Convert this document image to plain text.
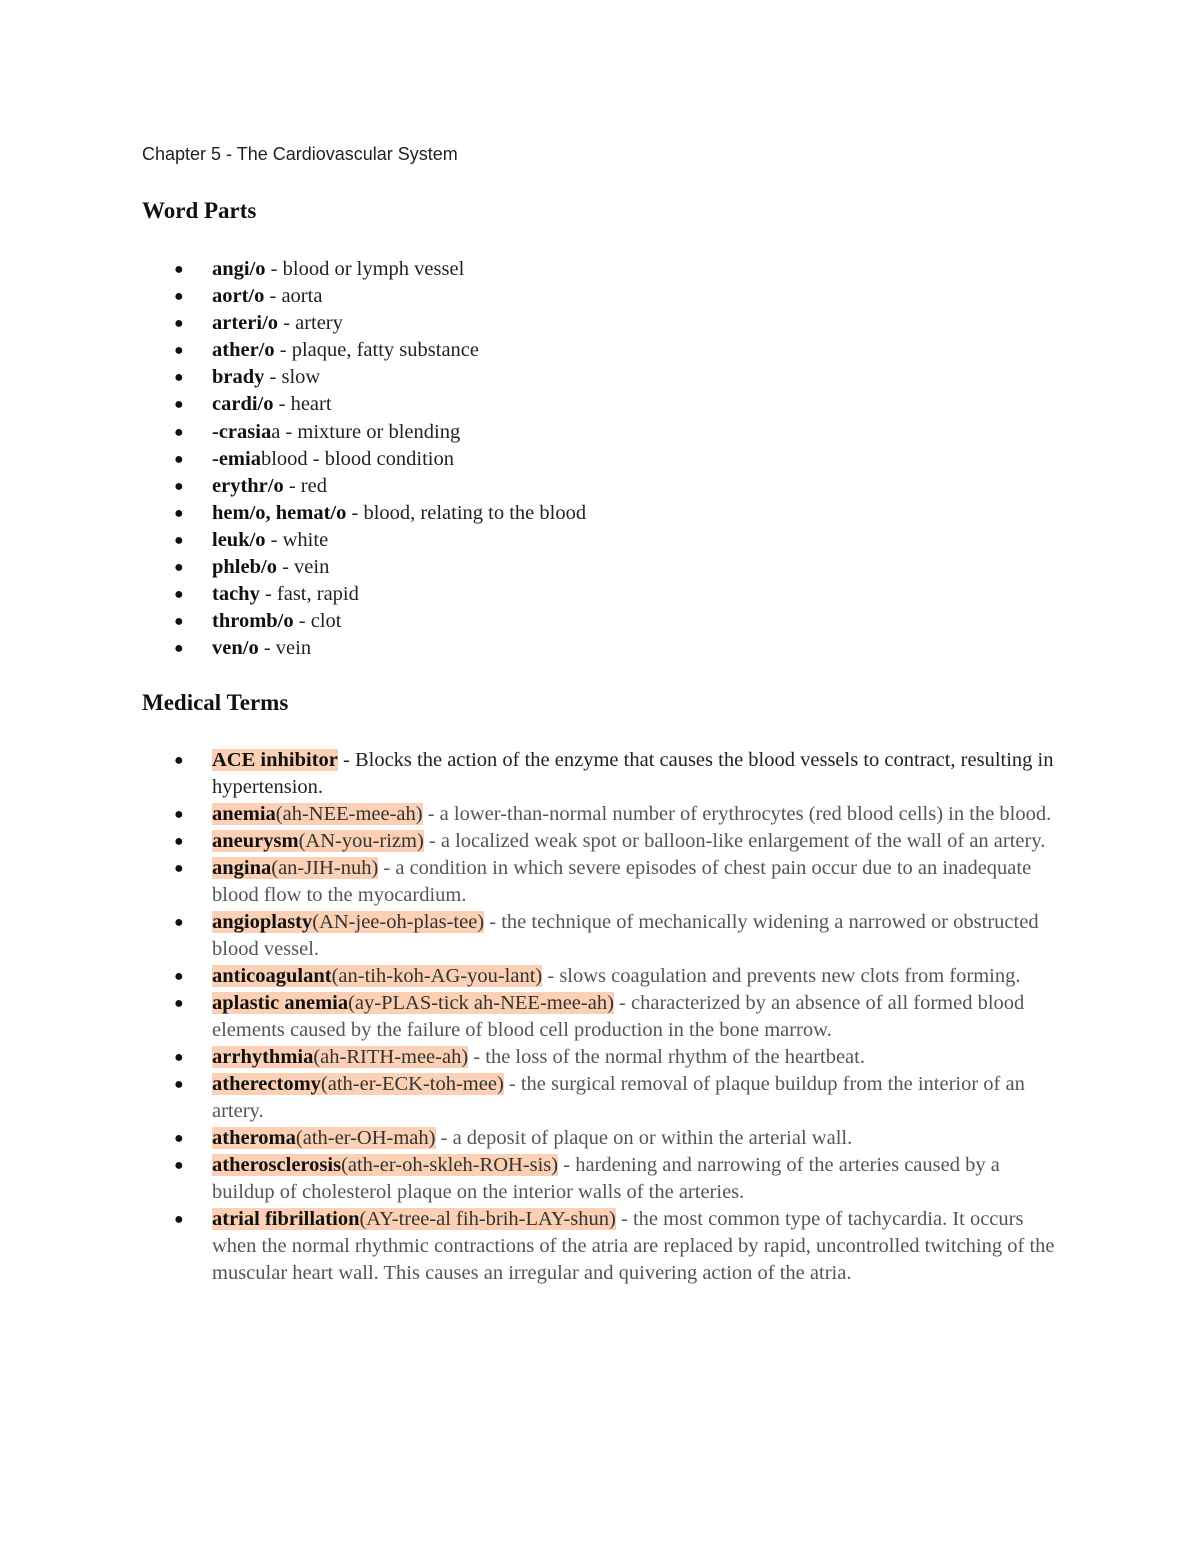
Chapter 5 - The Cardiovascular System
Word Parts
● angi/o - blood or lymph vessel
● aort/o - aorta
● arteri/o - artery
● ather/o - plaque, fatty substance
● brady - slow
● cardi/o - heart
● -crasiaa - mixture or blending
● -emiablood - blood condition
● erythr/o - red
● hem/o, hemat/o - blood, relating to the blood
● leuk/o - white
● phleb/o - vein
● tachy - fast, rapid
● thromb/o - clot
● ven/o - vein
Medical Terms
● ACE inhibitor - Blocks the action of the enzyme that causes the blood vessels to contract, resulting in hypertension.
● anemia(ah-NEE-mee-ah) - a lower-than-normal number of erythrocytes (red blood cells) in the blood.
● aneurysm(AN-you-rizm) - a localized weak spot or balloon-like enlargement of the wall of an artery.
● angina(an-JIH-nuh) - a condition in which severe episodes of chest pain occur due to an inadequate blood flow to the myocardium.
● angioplasty(AN-jee-oh-plas-tee) - the technique of mechanically widening a narrowed or obstructed blood vessel.
● anticoagulant(an-tih-koh-AG-you-lant) - slows coagulation and prevents new clots from forming.
● aplastic anemia(ay-PLAS-tick ah-NEE-mee-ah) - characterized by an absence of all formed blood elements caused by the failure of blood cell production in the bone marrow.
● arrhythmia(ah-RITH-mee-ah) - the loss of the normal rhythm of the heartbeat.
● atherectomy(ath-er-ECK-toh-mee) - the surgical removal of plaque buildup from the interior of an artery.
● atheroma(ath-er-OH-mah) - a deposit of plaque on or within the arterial wall.
● atherosclerosis(ath-er-oh-skleh-ROH-sis) - hardening and narrowing of the arteries caused by a buildup of cholesterol plaque on the interior walls of the arteries.
● atrial fibrillation(AY-tree-al fih-brih-LAY-shun) - the most common type of tachycardia. It occurs when the normal rhythmic contractions of the atria are replaced by rapid, uncontrolled twitching of the muscular heart wall. This causes an irregular and quivering action of the atria.
